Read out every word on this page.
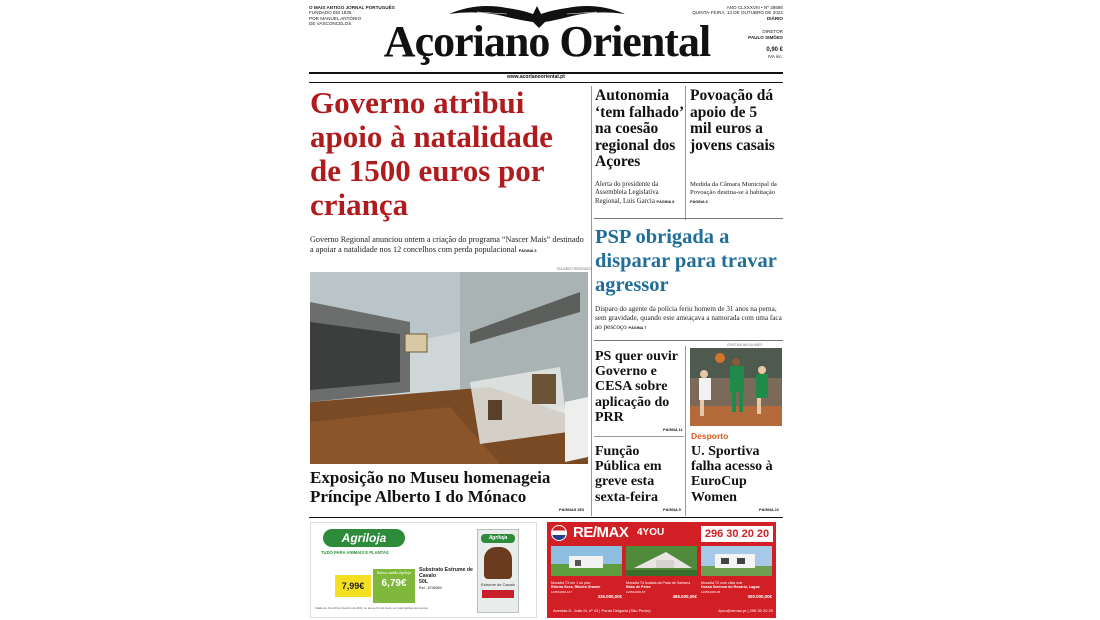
O MAIS ANTIGO JORNAL PORTUGUÊS
FUNDADO EM 1835
POR MANUEL ANTÓNIO
DE VASCONCELOS Açoriano Oriental
ANO CLXXXVIII • Nº 28686
QUINTA-FEIRA, 13 DE OUTUBRO DE 2022
DIÁRIO
DIRETOR
PAULO SIMÕES
0,90 €
IVA inc.
www.acorianooriental.pt
Governo atribui apoio à natalidade de 1500 euros por criança
Governo Regional anunciou ontem a criação do programa “Nascer Mais” destinado a apoiar a natalidade nos 12 concelhos com perda populacional PÁGINA 3
EDUARDO RESENDES
Exposição no Museu homenageia Príncipe Alberto I do Mónaco
PÁGINAS 2E3
Autonomia ‘tem falhado’ na coesão regional dos Açores
Alerta do presidente da Assembleia Legislativa Regional, Luís Garcia PÁGINA 8
Povoação dá apoio de 5 mil euros a jovens casais
Medida da Câmara Municipal da Povoação destina-se à habitação PÁGINA 6
PSP obrigada a disparar para travar agressor
Disparo do agente da polícia feriu homem de 31 anos na perna, sem gravidade, quando este ameaçava a namorada com uma faca ao pescoço PÁGINA 7
PS quer ouvir Governo e CESA sobre aplicação do PRR
PÁGINA 11
Função Pública em greve esta sexta-feira
PÁGINA 9
CRISTINA MAGALHÃES
Desporto
U. Sportiva falha acesso à EuroCup Women
PÁGINA 22
Agriloja
TUDO PARA ANIMAIS E PLANTAS
7,99€
Bônus cartão Agriloja
6,79€
Substrato Estrume de Cavalo
50L
Ref.: 8796969
Agriloja
Estrume de Cavalo
Válida de 13 a 26 de Outubro de 2022, ou até ao fim do stock, em lojas Agriloja dos Açores.
RE/MAX 4YOU	296 30 20 20
Moradia T3 em 1 só piso
Ribeira Seca, Ribeira Grande
123531030-167
335.000,00€
Moradia T4 isolada da Praia de Santana
Rabo de Peixe
123531030-67
485.000,00€
Moradia T2 com vista mar
Nossa Senhora do Rosário, Lagoa
123531030-65
350.000,00€
Avenida D. João III, nº 43 | Ponta Delgada (São Pedro)	4you@remax.pt | 296 30 20 20
